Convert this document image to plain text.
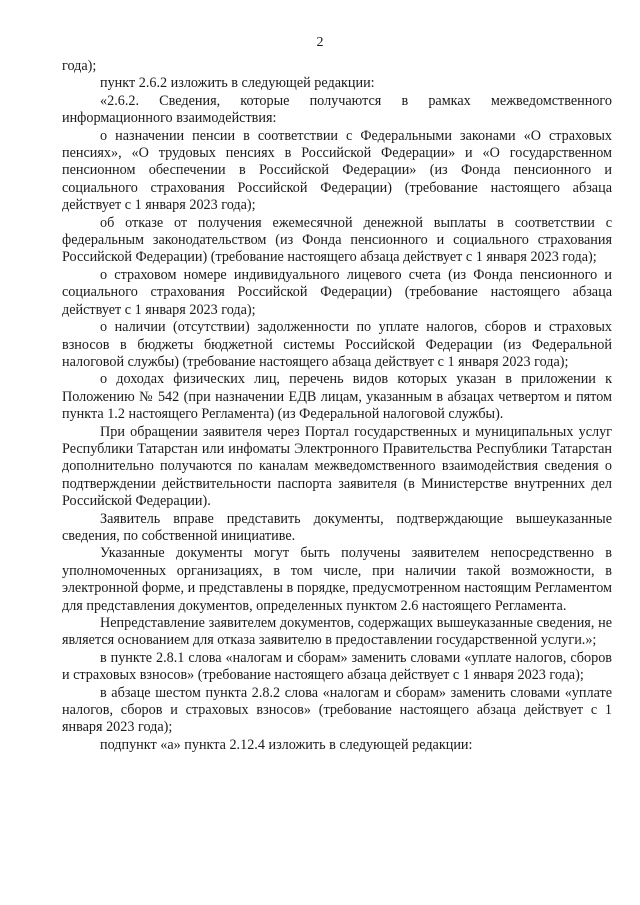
2

года);

пункт 2.6.2 изложить в следующей редакции:

«2.6.2. Сведения, которые получаются в рамках межведомственного информационного взаимодействия:

о назначении пенсии в соответствии с Федеральными законами «О страховых пенсиях», «О трудовых пенсиях в Российской Федерации» и «О государственном пенсионном обеспечении в Российской Федерации» (из Фонда пенсионного и социального страхования Российской Федерации) (требование настоящего абзаца действует с 1 января 2023 года);

об отказе от получения ежемесячной денежной выплаты в соответствии с федеральным законодательством (из Фонда пенсионного и социального страхования Российской Федерации) (требование настоящего абзаца действует с 1 января 2023 года);

о страховом номере индивидуального лицевого счета (из Фонда пенсионного и социального страхования Российской Федерации) (требование настоящего абзаца действует с 1 января 2023 года);

о наличии (отсутствии) задолженности по уплате налогов, сборов и страховых взносов в бюджеты бюджетной системы Российской Федерации (из Федеральной налоговой службы) (требование настоящего абзаца действует с 1 января 2023 года);

о доходах физических лиц, перечень видов которых указан в приложении к Положению № 542 (при назначении ЕДВ лицам, указанным в абзацах четвертом и пятом пункта 1.2 настоящего Регламента) (из Федеральной налоговой службы).

При обращении заявителя через Портал государственных и муниципальных услуг Республики Татарстан или инфоматы Электронного Правительства Республики Татарстан дополнительно получаются по каналам межведомственного взаимодействия сведения о подтверждении действительности паспорта заявителя (в Министерстве внутренних дел Российской Федерации).

Заявитель вправе представить документы, подтверждающие вышеуказанные сведения, по собственной инициативе.

Указанные документы могут быть получены заявителем непосредственно в уполномоченных организациях, в том числе, при наличии такой возможности, в электронной форме, и представлены в порядке, предусмотренном настоящим Регламентом для представления документов, определенных пунктом 2.6 настоящего Регламента.

Непредставление заявителем документов, содержащих вышеуказанные сведения, не является основанием для отказа заявителю в предоставлении государственной услуги.»;

в пункте 2.8.1 слова «налогам и сборам» заменить словами «уплате налогов, сборов и страховых взносов» (требование настоящего абзаца действует с 1 января 2023 года);

в абзаце шестом пункта 2.8.2 слова «налогам и сборам» заменить словами «уплате налогов, сборов и страховых взносов» (требование настоящего абзаца действует с 1 января 2023 года);

подпункт «а» пункта 2.12.4 изложить в следующей редакции:
